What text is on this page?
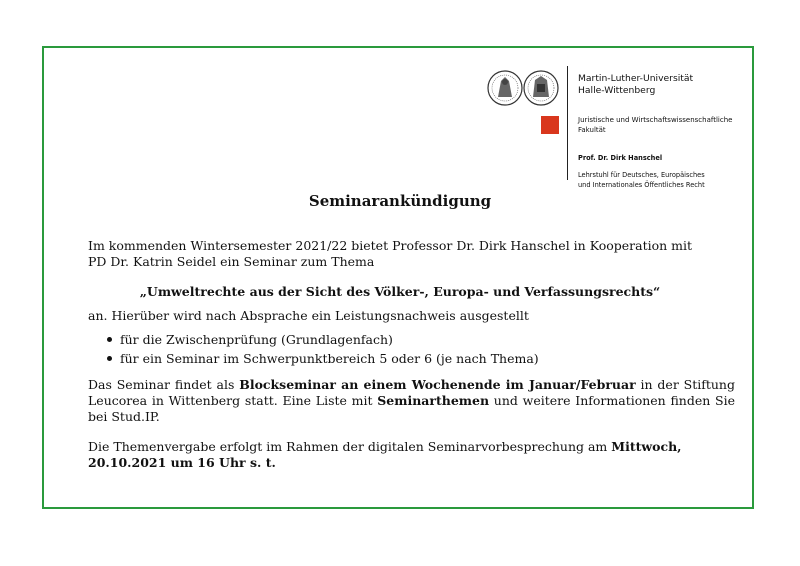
Martin-Luther-Universität
Halle-Wittenberg
Juristische und Wirtschaftswissenschaftliche
Fakultät
Prof. Dr. Dirk Hanschel
Lehrstuhl für Deutsches, Europäisches
und Internationales Öffentliches Recht
Seminarankündigung
Im kommenden Wintersemester 2021/22 bietet Professor Dr. Dirk Hanschel in Kooperation mit
PD Dr. Katrin Seidel ein Seminar zum Thema
„Umweltrechte aus der Sicht des Völker-, Europa- und Verfassungsrechts“
an. Hierüber wird nach Absprache ein Leistungsnachweis ausgestellt
für die Zwischenprüfung (Grundlagenfach)
für ein Seminar im Schwerpunktbereich 5 oder 6 (je nach Thema)
Das Seminar findet als Blockseminar an einem Wochenende im Januar/Februar in der Stiftung Leucorea in Wittenberg statt. Eine Liste mit Seminarthemen und weitere Informationen finden Sie bei Stud.IP.
Die Themenvergabe erfolgt im Rahmen der digitalen Seminarvorbesprechung am Mittwoch, 20.10.2021 um 16 Uhr s. t.
